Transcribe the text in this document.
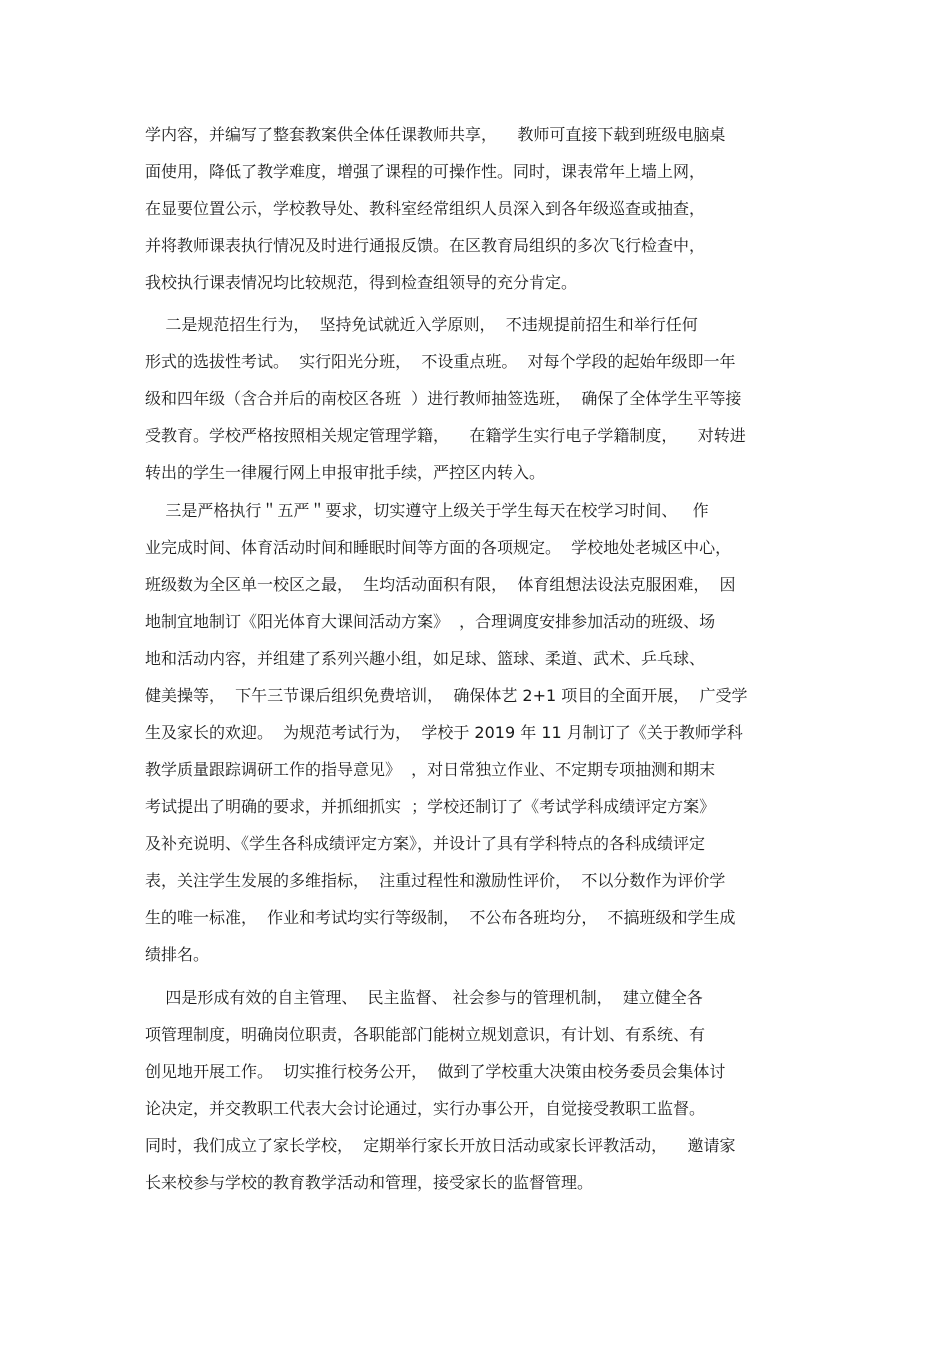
学内容，并编写了整套教案供全体任课教师共享，    教师可直接下载到班级电脑桌

面使用，降低了教学难度，增强了课程的可操作性。同时，课表常年上墙上网，

在显要位置公示，学校教导处、教科室经常组织人员深入到各年级巡查或抽查，

并将教师课表执行情况及时进行通报反馈。在区教育局组织的多次飞行检查中，

我校执行课表情况均比较规范，得到检查组领导的充分肯定。

二是规范招生行为，  坚持免试就近入学原则，  不违规提前招生和举行任何

形式的选拔性考试。  实行阳光分班，  不设重点班。  对每个学段的起始年级即一年

级和四年级（含合并后的南校区各班  ）进行教师抽签选班，  确保了全体学生平等接

受教育。学校严格按照相关规定管理学籍，    在籍学生实行电子学籍制度，    对转进

转出的学生一律履行网上申报审批手续，严控区内转入。

三是严格执行＂五严＂要求，切实遵守上级关于学生每天在校学习时间、   作

业完成时间、体育活动时间和睡眠时间等方面的各项规定。  学校地处老城区中心，

班级数为全区单一校区之最，  生均活动面积有限，  体育组想法设法克服困难，  因

地制宜地制订《阳光体育大课间活动方案》  ，合理调度安排参加活动的班级、场

地和活动内容，并组建了系列兴趣小组，如足球、篮球、柔道、武术、乒乓球、

健美操等，  下午三节课后组织免费培训，  确保体艺 2+1 项目的全面开展，  广受学

生及家长的欢迎。  为规范考试行为，  学校于 2019 年 11 月制订了《关于教师学科

教学质量跟踪调研工作的指导意见》  ，对日常独立作业、不定期专项抽测和期末

考试提出了明确的要求，并抓细抓实  ；学校还制订了《考试学科成绩评定方案》

及补充说明、《学生各科成绩评定方案》，并设计了具有学科特点的各科成绩评定

表，关注学生发展的多维指标，  注重过程性和激励性评价，  不以分数作为评价学

生的唯一标准，  作业和考试均实行等级制，  不公布各班均分，  不搞班级和学生成

绩排名。

四是形成有效的自主管理、  民主监督、 社会参与的管理机制，  建立健全各

项管理制度，明确岗位职责，各职能部门能树立规划意识，有计划、有系统、有

创见地开展工作。  切实推行校务公开，  做到了学校重大决策由校务委员会集体讨

论决定，并交教职工代表大会讨论通过，实行办事公开，自觉接受教职工监督。

同时，我们成立了家长学校，  定期举行家长开放日活动或家长评教活动，    邀请家

长来校参与学校的教育教学活动和管理，接受家长的监督管理。
